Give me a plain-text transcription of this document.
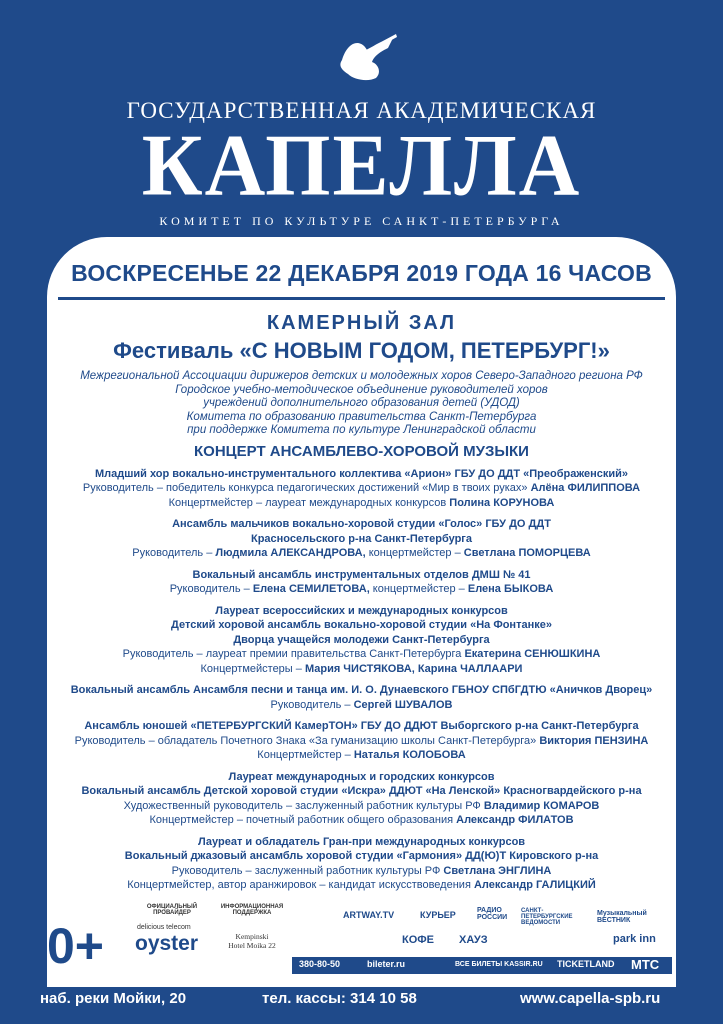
ГОСУДАРСТВЕННАЯ АКАДЕМИЧЕСКАЯ
КАПЕЛЛА
КОМИТЕТ ПО КУЛЬТУРЕ САНКТ-ПЕТЕРБУРГА
ВОСКРЕСЕНЬЕ 22 ДЕКАБРЯ 2019 ГОДА 16 ЧАСОВ
КАМЕРНЫЙ ЗАЛ
Фестиваль «С НОВЫМ ГОДОМ, ПЕТЕРБУРГ!»
Межрегиональной Ассоциации дирижеров детских и молодежных хоров Северо-Западного региона РФ
Городское учебно-методическое объединение руководителей хоров
учреждений дополнительного образования детей (УДОД)
Комитета по образованию правительства Санкт-Петербурга
при поддержке Комитета по культуре Ленинградской области
КОНЦЕРТ АНСАМБЛЕВО-ХОРОВОЙ МУЗЫКИ
Младший хор вокально-инструментального коллектива «Арион» ГБУ ДО ДДТ «Преображенский»
Руководитель – победитель конкурса педагогических достижений «Мир в твоих руках» Алёна ФИЛИППОВА
Концертмейстер – лауреат международных конкурсов Полина КОРУНОВА
Ансамбль мальчиков вокально-хоровой студии «Голос» ГБУ ДО ДДТ
Красносельского р-на Санкт-Петербурга
Руководитель – Людмила АЛЕКСАНДРОВА, концертмейстер – Светлана ПОМОРЦЕВА
Вокальный ансамбль инструментальных отделов ДМШ № 41
Руководитель – Елена СЕМИЛЕТОВА, концертмейстер – Елена БЫКОВА
Лауреат всероссийских и международных конкурсов
Детский хоровой ансамбль вокально-хоровой студии «На Фонтанке»
Дворца учащейся молодежи Санкт-Петербурга
Руководитель – лауреат премии правительства Санкт-Петербурга Екатерина СЕНЮШКИНА
Концертмейстеры – Мария ЧИСТЯКОВА, Карина ЧАЛЛААРИ
Вокальный ансамбль Ансамбля песни и танца им. И. О. Дунаевского ГБНОУ СПбГДТЮ «Аничков Дворец»
Руководитель – Сергей ШУВАЛОВ
Ансамбль юношей «ПЕТЕРБУРГСКИЙ КамерТОН» ГБУ ДО ДДЮТ Выборгского р-на Санкт-Петербурга
Руководитель – обладатель Почетного Знака «За гуманизацию школы Санкт-Петербурга» Виктория ПЕНЗИНА
Концертмейстер – Наталья КОЛОБОВА
Лауреат международных и городских конкурсов
Вокальный ансамбль Детской хоровой студии «Искра» ДДЮТ «На Ленской» Красногвардейского р-на
Художественный руководитель – заслуженный работник культуры РФ Владимир КОМАРОВ
Концертмейстер – почетный работник общего образования Александр ФИЛАТОВ
Лауреат и обладатель Гран-при международных конкурсов
Вокальный джазовый ансамбль хоровой студии «Гармония» ДД(Ю)Т Кировского р-на
Руководитель – заслуженный работник культуры РФ Светлана ЭНГЛИНА
Концертмейстер, автор аранжировок – кандидат искусствоведения Александр ГАЛИЦКИЙ
0+
ОФИЦИАЛЬНЫЙ ПРОВАЙДЕР
delicious telecom
oyster
ИНФОРМАЦИОННАЯ ПОДДЕРЖКА
Kempinski Hotel Moika 22
ARTWAY.TV	КУРЬЕР	РАДИО РОССИИ
САНКТ-ПЕТЕРБУРГСКИЕ ВЕДОМОСТИ
Музыкальный ВЕСТНИК
КОФЕ ХАУЗ	park inn
380-80-50	bileter.ru	ВСЕ БИЛЕТЫ KASSIR.RU TICKETLAND МТС
наб. реки Мойки, 20	тел. кассы: 314 10 58	www.capella-spb.ru
